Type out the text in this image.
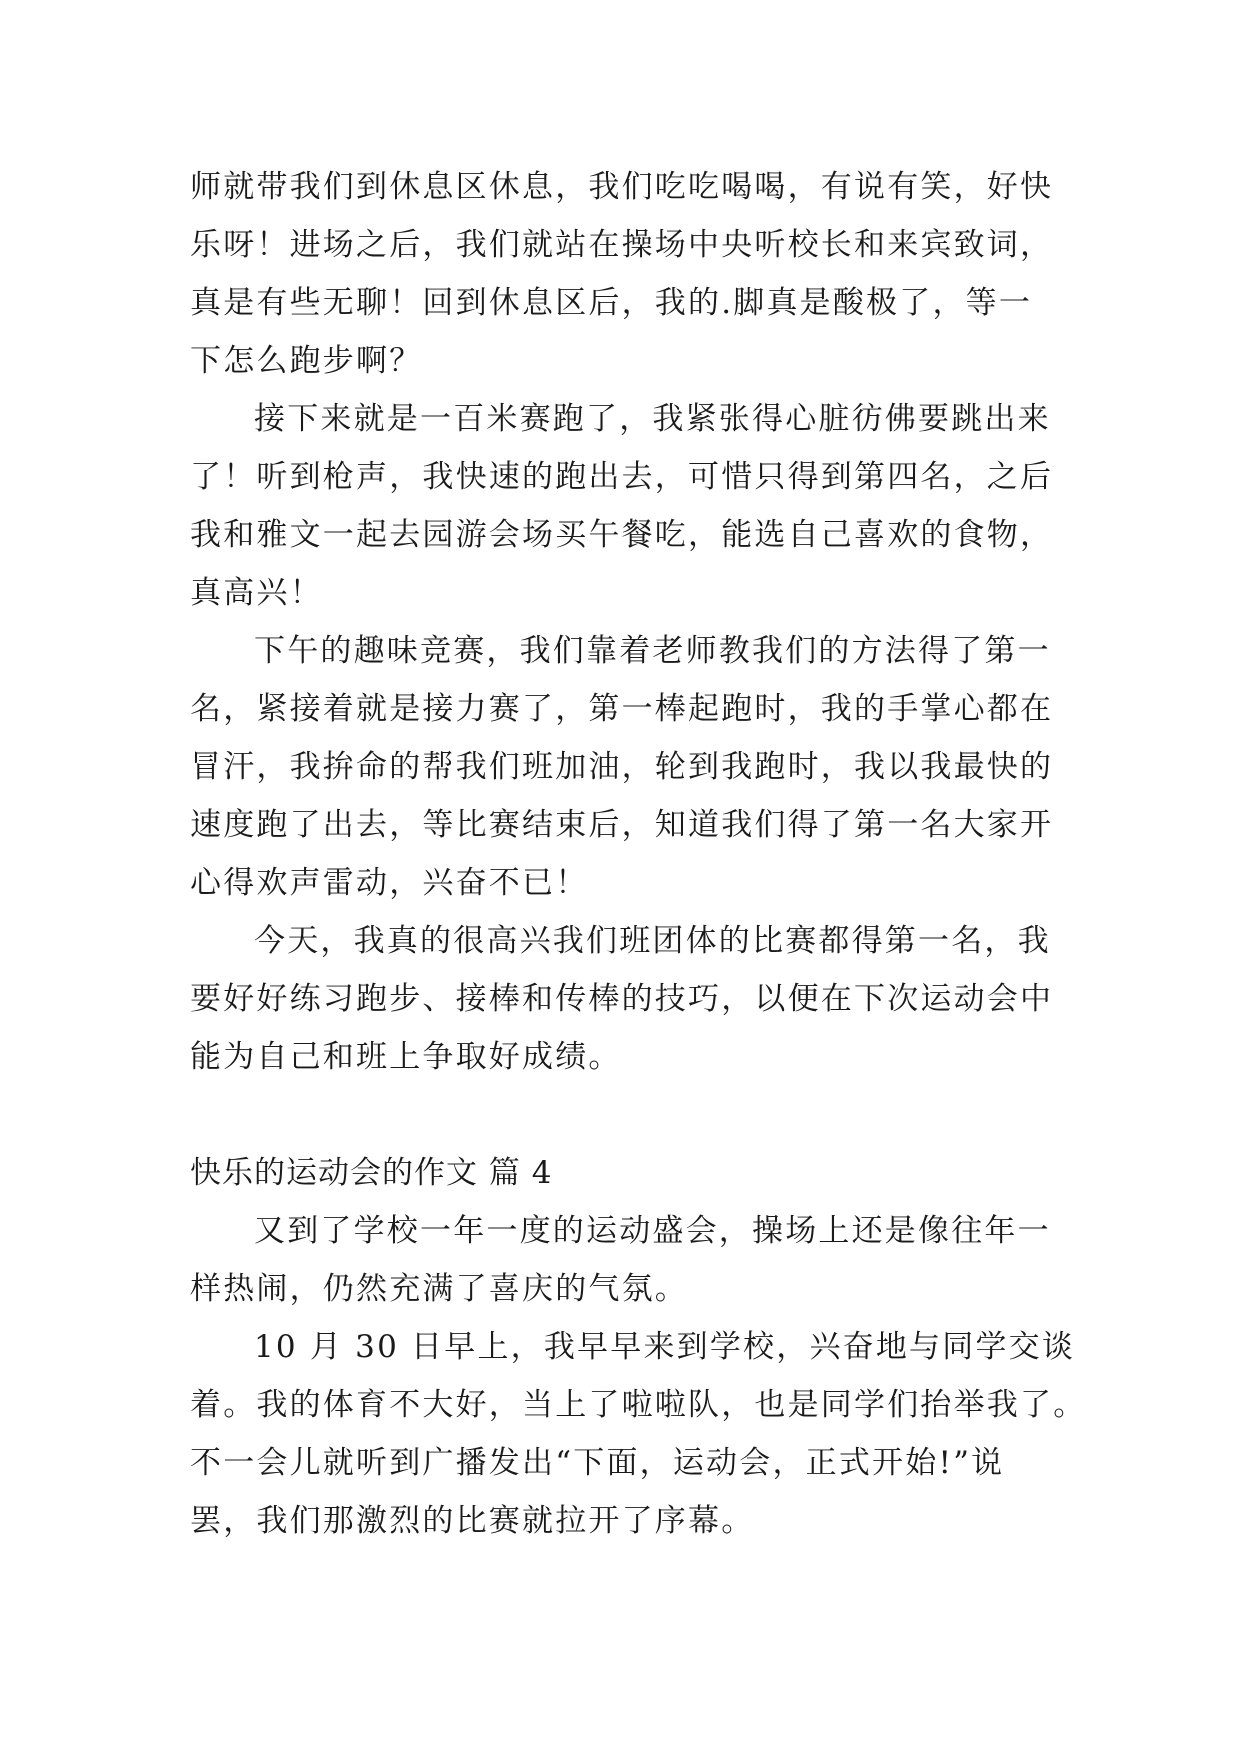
师就带我们到休息区休息，我们吃吃喝喝，有说有笑，好快
乐呀！进场之后，我们就站在操场中央听校长和来宾致词，
真是有些无聊！回到休息区后，我的.脚真是酸极了，等一
下怎么跑步啊？
接下来就是一百米赛跑了，我紧张得心脏彷佛要跳出来
了！听到枪声，我快速的跑出去，可惜只得到第四名，之后
我和雅文一起去园游会场买午餐吃，能选自己喜欢的食物，
真高兴！
下午的趣味竞赛，我们靠着老师教我们的方法得了第一
名，紧接着就是接力赛了，第一棒起跑时，我的手掌心都在
冒汗，我拚命的帮我们班加油，轮到我跑时，我以我最快的
速度跑了出去，等比赛结束后，知道我们得了第一名大家开
心得欢声雷动，兴奋不已！
今天，我真的很高兴我们班团体的比赛都得第一名，我
要好好练习跑步、接棒和传棒的技巧，以便在下次运动会中
能为自己和班上争取好成绩。
快乐的运动会的作文 篇 4
又到了学校一年一度的运动盛会，操场上还是像往年一
样热闹，仍然充满了喜庆的气氛。
10 月 30 日早上，我早早来到学校，兴奋地与同学交谈
着。我的体育不大好，当上了啦啦队，也是同学们抬举我了。
不一会儿就听到广播发出“下面，运动会，正式开始!”说
罢，我们那激烈的比赛就拉开了序幕。
